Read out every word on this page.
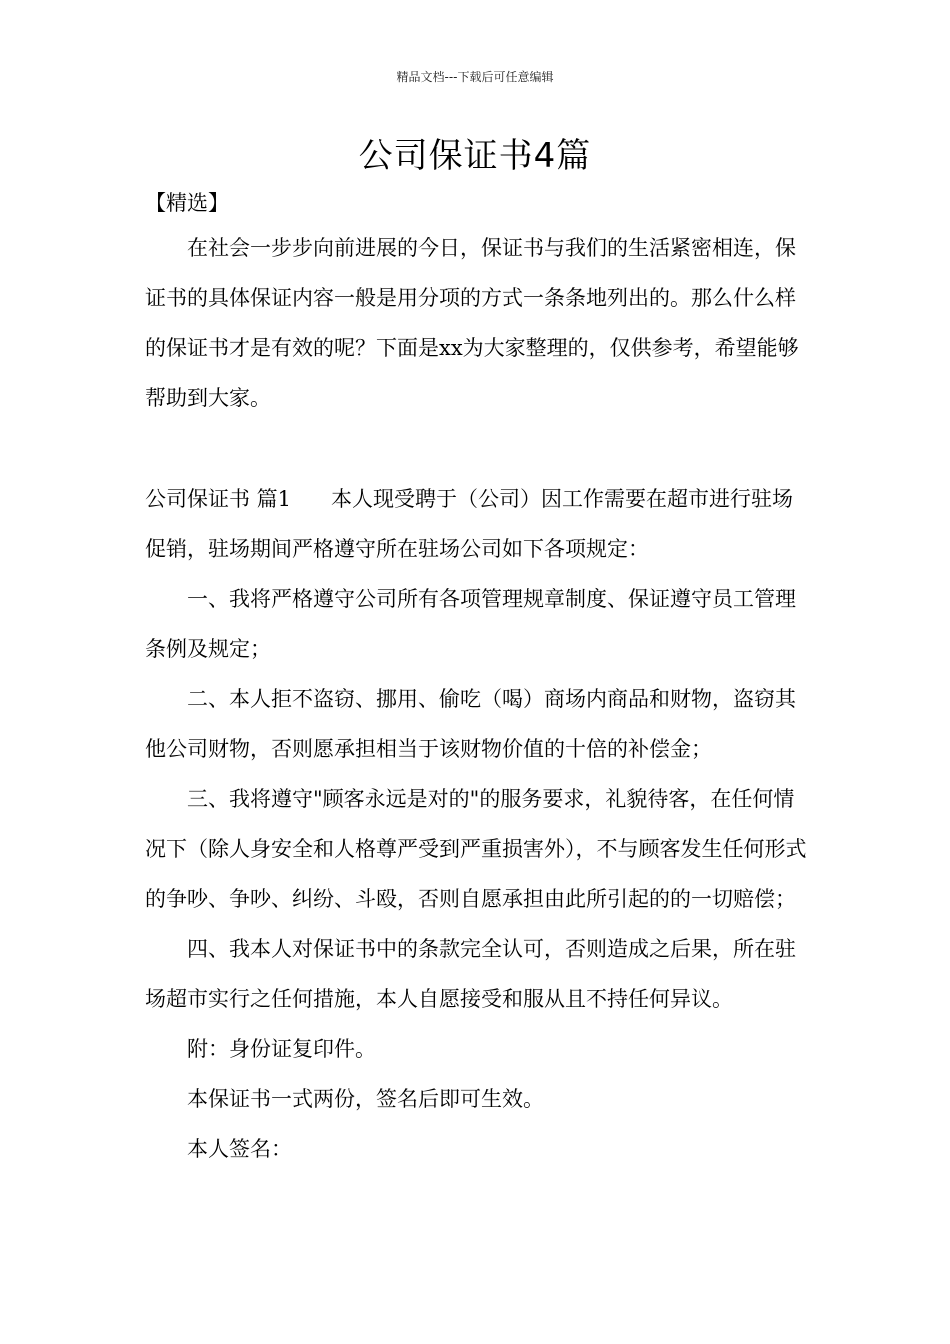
精品文档---下载后可任意编辑
公司保证书4篇

【精选】

在社会一步步向前进展的今日，保证书与我们的生活紧密相连，保证书的具体保证内容一般是用分项的方式一条条地列出的。那么什么样的保证书才是有效的呢？下面是xx为大家整理的，仅供参考，希望能够帮助到大家。

公司保证书 篇1 本人现受聘于（公司）因工作需要在超市进行驻场促销，驻场期间严格遵守所在驻场公司如下各项规定：

一、我将严格遵守公司所有各项管理规章制度、保证遵守员工管理条例及规定；

二、本人拒不盗窃、挪用、偷吃（喝）商场内商品和财物，盗窃其他公司财物，否则愿承担相当于该财物价值的十倍的补偿金；

三、我将遵守"顾客永远是对的"的服务要求，礼貌待客，在任何情况下（除人身安全和人格尊严受到严重损害外），不与顾客发生任何形式的争吵、争吵、纠纷、斗殴，否则自愿承担由此所引起的的一切赔偿；

四、我本人对保证书中的条款完全认可，否则造成之后果，所在驻场超市实行之任何措施，本人自愿接受和服从且不持任何异议。

附：身份证复印件。

本保证书一式两份，签名后即可生效。

本人签名：
